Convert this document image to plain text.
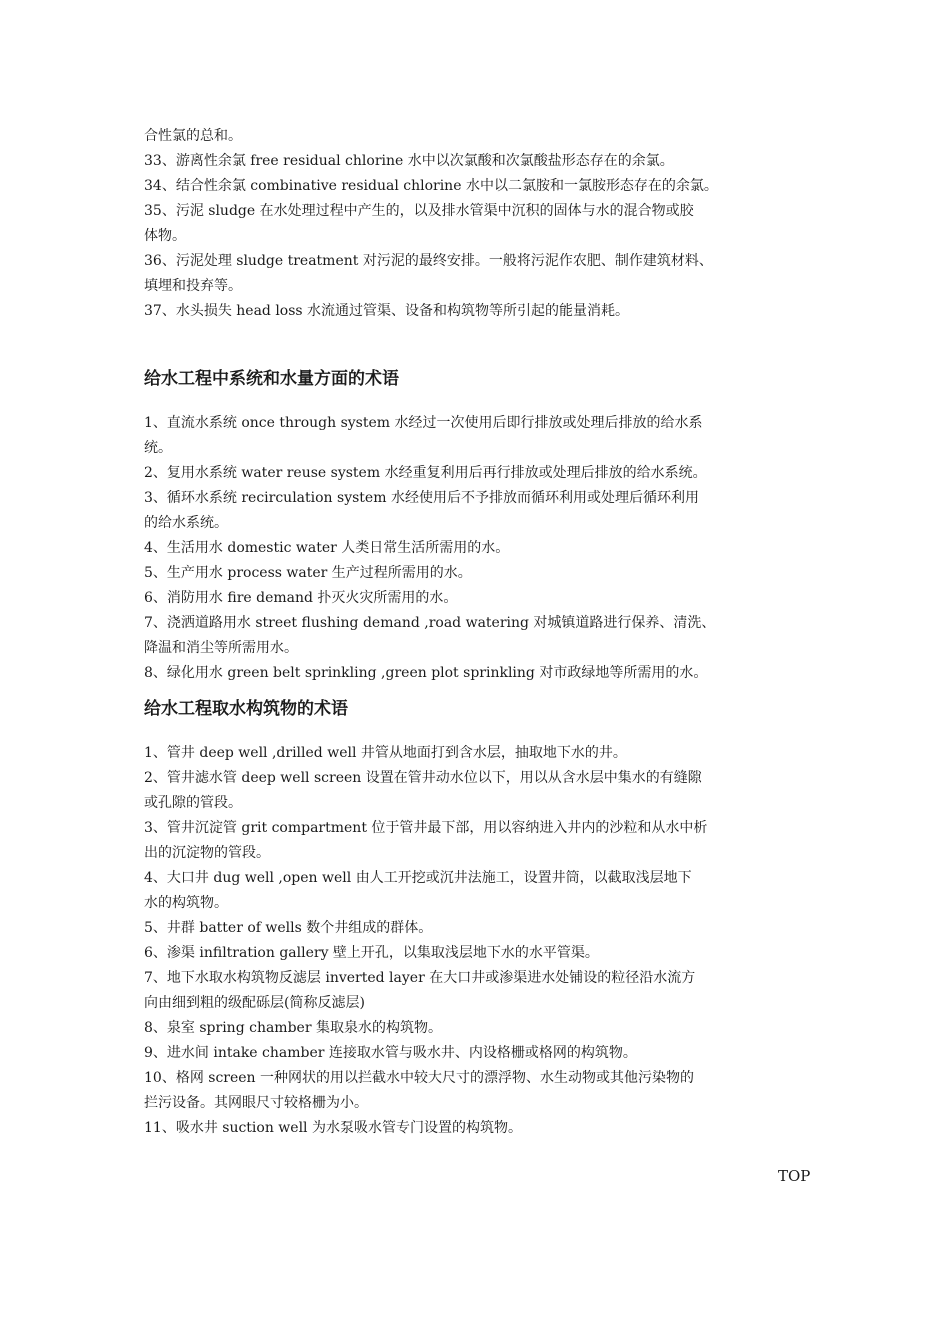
合性氯的总和。
33、游离性余氯 free residual chlorine 水中以次氯酸和次氯酸盐形态存在的余氯。
34、结合性余氯 combinative residual chlorine 水中以二氯胺和一氯胺形态存在的余氯。
35、污泥 sludge 在水处理过程中产生的，以及排水管渠中沉积的固体与水的混合物或胶
体物。
36、污泥处理 sludge treatment 对污泥的最终安排。一般将污泥作农肥、制作建筑材料、
填埋和投弃等。
37、水头损失 head loss 水流通过管渠、设备和构筑物等所引起的能量消耗。
给水工程中系统和水量方面的术语
1、直流水系统 once through system 水经过一次使用后即行排放或处理后排放的给水系
统。
2、复用水系统 water reuse system 水经重复利用后再行排放或处理后排放的给水系统。
3、循环水系统 recirculation system 水经使用后不予排放而循环利用或处理后循环利用
的给水系统。
4、生活用水 domestic water 人类日常生活所需用的水。
5、生产用水 process water 生产过程所需用的水。
6、消防用水 fire demand 扑灭火灾所需用的水。
7、浇洒道路用水 street flushing demand ,road watering 对城镇道路进行保养、清洗、
降温和消尘等所需用水。
8、绿化用水 green belt sprinkling ,green plot sprinkling 对市政绿地等所需用的水。
给水工程取水构筑物的术语
1、管井 deep well ,drilled well 井管从地面打到含水层，抽取地下水的井。
2、管井滤水管 deep well screen 设置在管井动水位以下，用以从含水层中集水的有缝隙
或孔隙的管段。
3、管井沉淀管 grit compartment 位于管井最下部，用以容纳进入井内的沙粒和从水中析
出的沉淀物的管段。
4、大口井 dug well ,open well 由人工开挖或沉井法施工，设置井筒，以截取浅层地下
水的构筑物。
5、井群 batter of wells 数个井组成的群体。
6、渗渠 infiltration gallery 壁上开孔，以集取浅层地下水的水平管渠。
7、地下水取水构筑物反滤层 inverted layer 在大口井或渗渠进水处铺设的粒径沿水流方
向由细到粗的级配砾层(简称反滤层)
8、泉室 spring chamber 集取泉水的构筑物。
9、进水间 intake chamber 连接取水管与吸水井、内设格栅或格网的构筑物。
10、格网 screen 一种网状的用以拦截水中较大尺寸的漂浮物、水生动物或其他污染物的
拦污设备。其网眼尺寸较格栅为小。
11、吸水井 suction well 为水泵吸水管专门设置的构筑物。
TOP
